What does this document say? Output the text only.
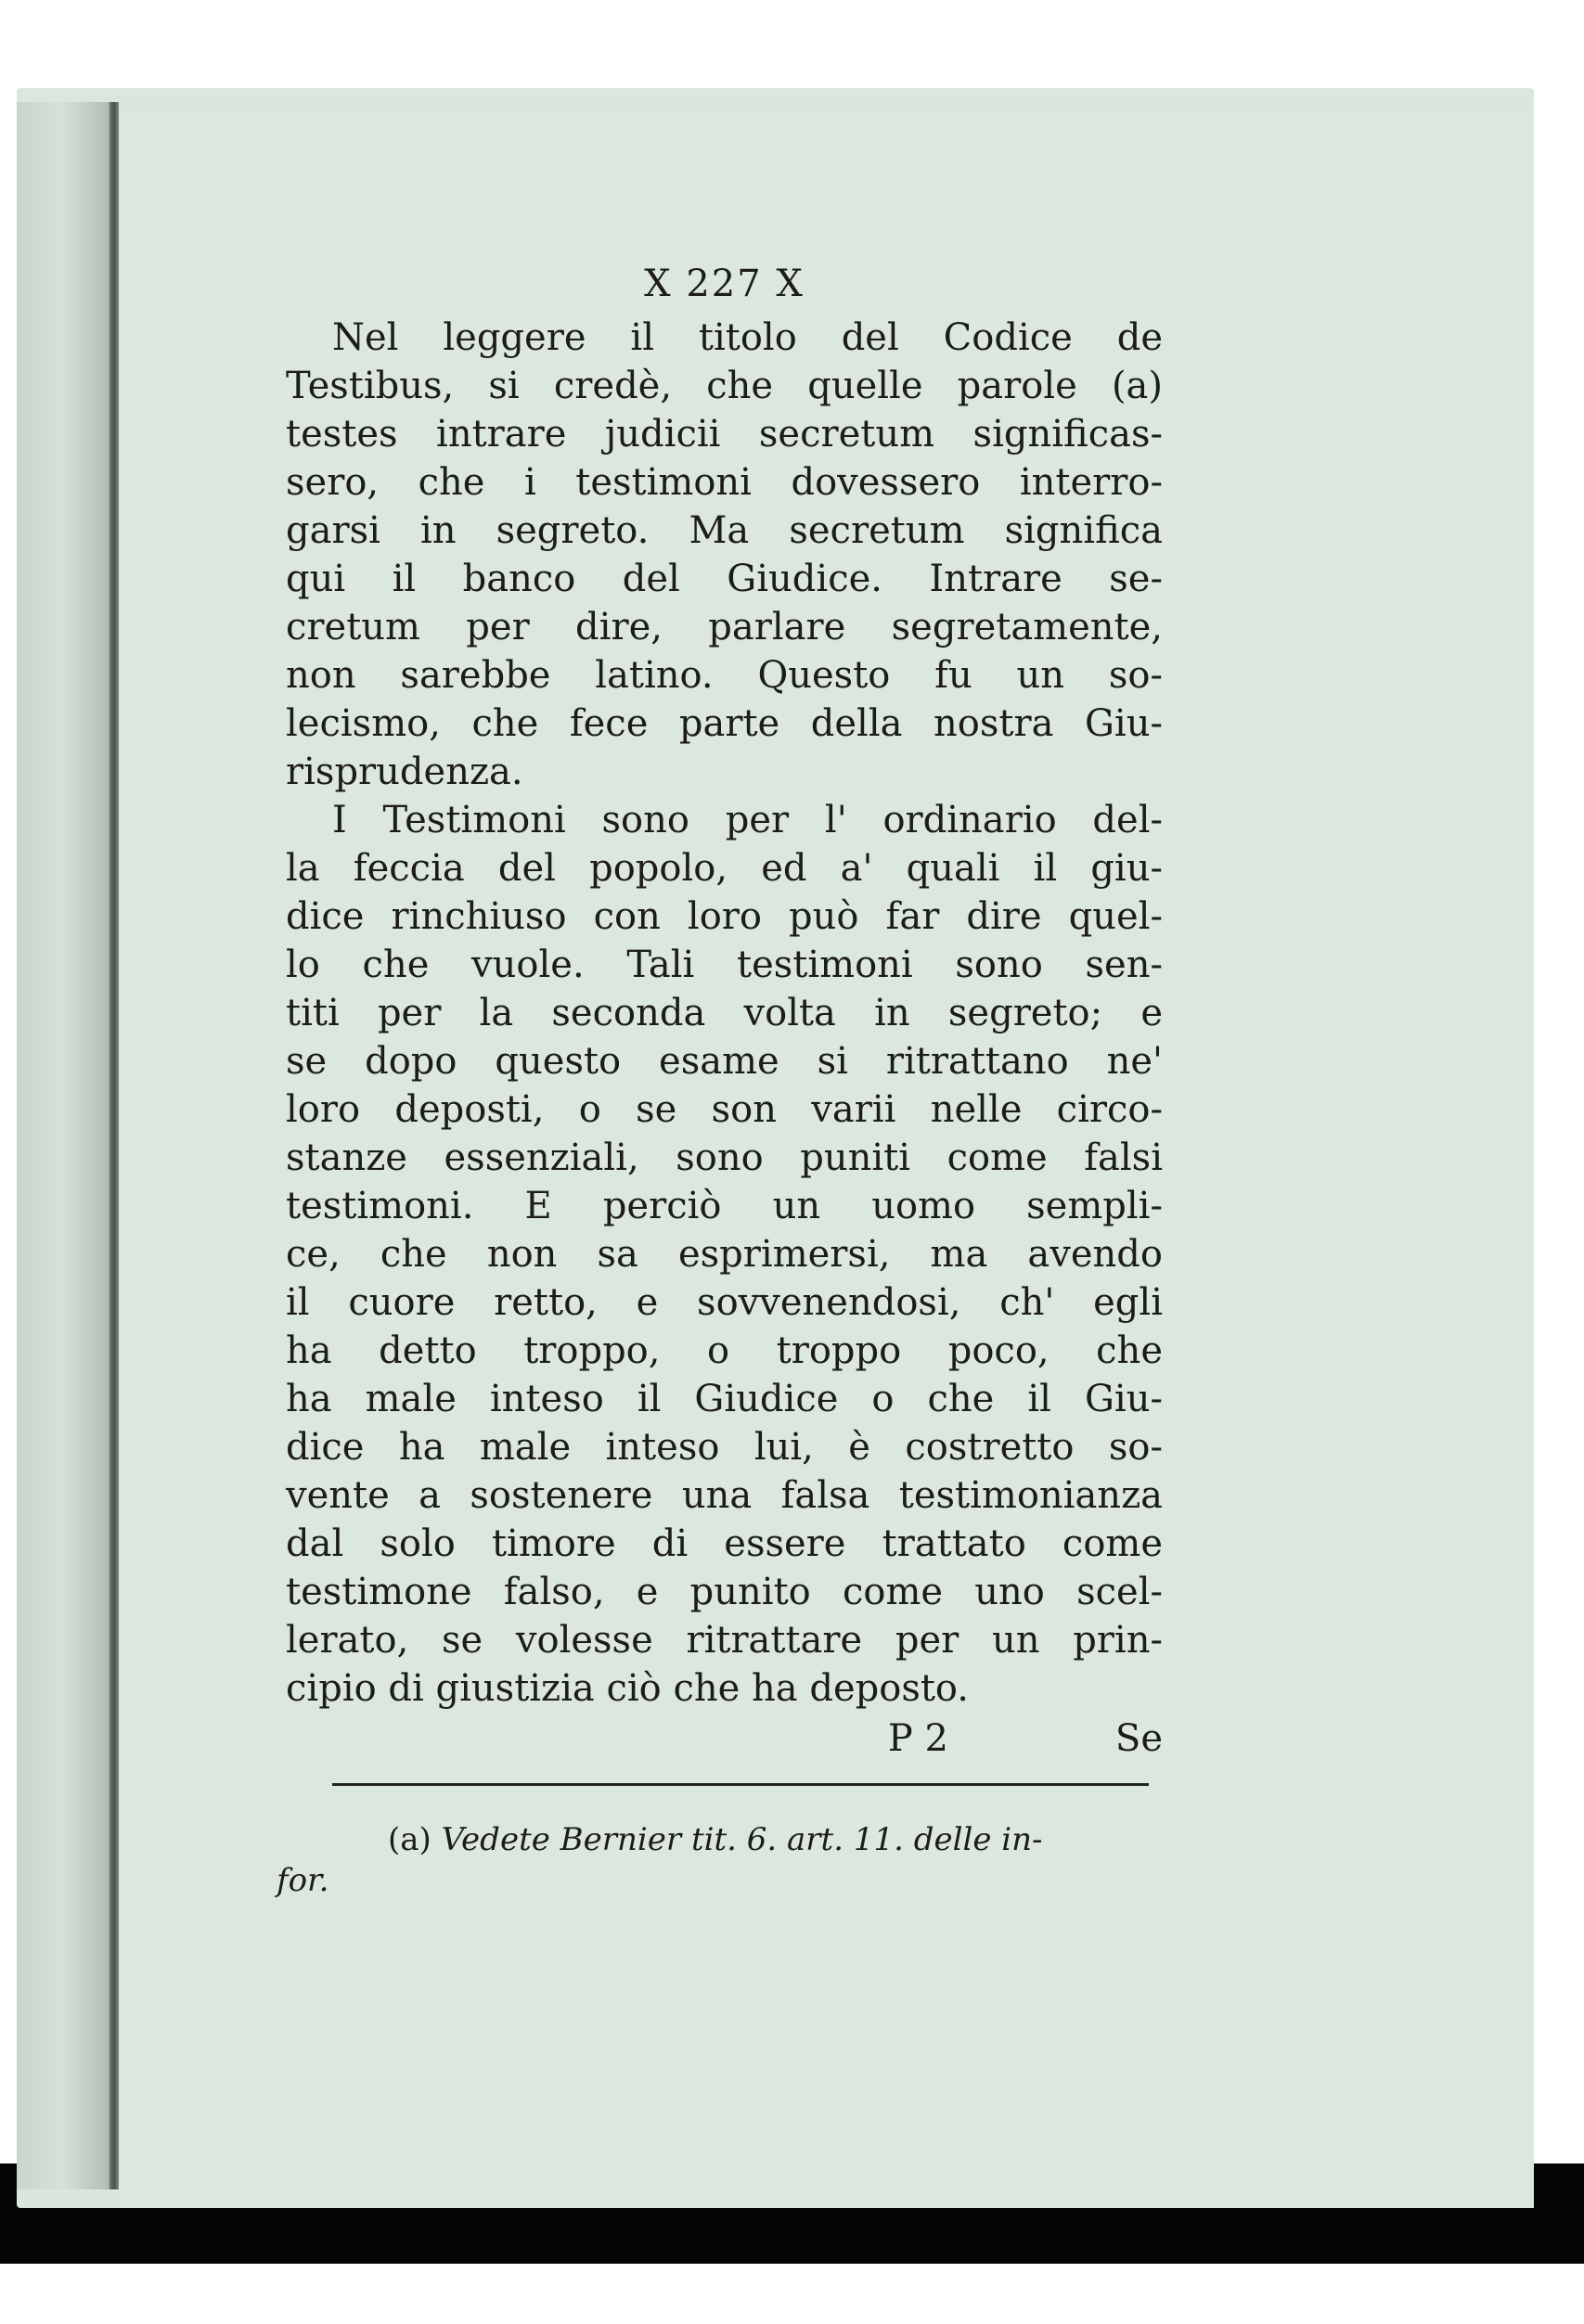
X 227 X
Nel leggere il titolo del Codice de
Testibus, si credè, che quelle parole (a)
testes intrare judicii secretum significas-
sero, che i testimoni dovessero interro-
garsi in segreto. Ma secretum significa
qui il banco del Giudice. Intrare se-
cretum per dire, parlare segretamente,
non sarebbe latino. Questo fu un so-
lecismo, che fece parte della nostra Giu-
risprudenza.
I Testimoni sono per l' ordinario del-
la feccia del popolo, ed a' quali il giu-
dice rinchiuso con loro può far dire quel-
lo che vuole. Tali testimoni sono sen-
titi per la seconda volta in segreto; e
se dopo questo esame si ritrattano ne'
loro deposti, o se son varii nelle circo-
stanze essenziali, sono puniti come falsi
testimoni. E perciò un uomo sempli-
ce, che non sa esprimersi, ma avendo
il cuore retto, e sovvenendosi, ch' egli
ha detto troppo, o troppo poco, che
ha male inteso il Giudice o che il Giu-
dice ha male inteso lui, è costretto so-
vente a sostenere una falsa testimonianza
dal solo timore di essere trattato come
testimone falso, e punito come uno scel-
lerato, se volesse ritrattare per un prin-
cipio di giustizia ciò che ha deposto.
P 2	Se
(a) Vedete Bernier tit. 6. art. 11. delle in-
for.
